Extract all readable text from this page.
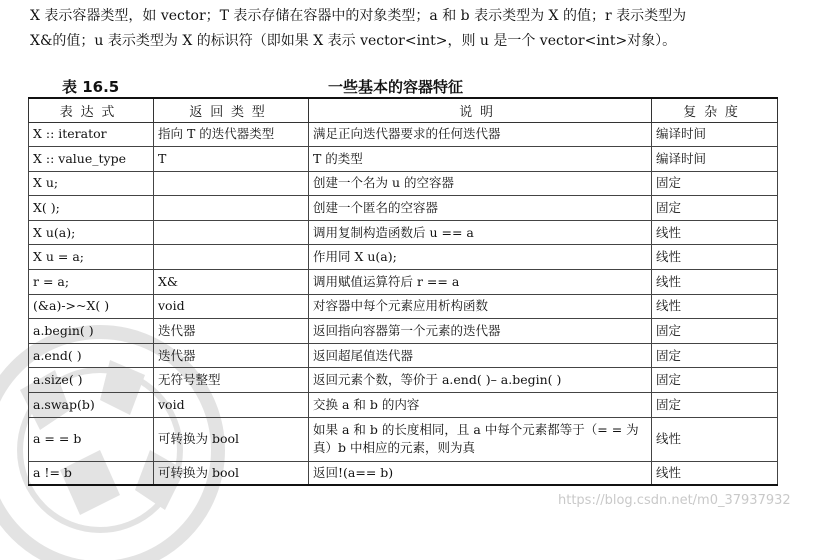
X 表示容器类型，如 vector；T 表示存储在容器中的对象类型；a 和 b 表示类型为 X 的值；r 表示类型为

X&的值；u 表示类型为 X 的标识符（即如果 X 表示 vector<int>，则 u 是一个 vector<int>对象）。

表 16.5	一些基本的容器特征
表达式	返回类型	说明	复杂度
X :: iterator	指向 T 的迭代器类型	满足正向迭代器要求的任何迭代器	编译时间
X :: value_type	T	T 的类型	编译时间
X u;		创建一个名为 u 的空容器	固定
X( );		创建一个匿名的空容器	固定
X u(a);		调用复制构造函数后 u == a	线性
X u = a;		作用同 X u(a);	线性
r = a;	X&	调用赋值运算符后 r == a	线性
(&a)->~X( )	void	对容器中每个元素应用析构函数	线性
a.begin( )	迭代器	返回指向容器第一个元素的迭代器	固定
a.end( )	迭代器	返回超尾值迭代器	固定
a.size( )	无符号整型	返回元素个数，等价于 a.end( )– a.begin( )	固定
a.swap(b)	void	交换 a 和 b 的内容	固定
a = = b	可转换为 bool	如果 a 和 b 的长度相同，且 a 中每个元素都等于（= = 为真）b 中相应的元素，则为真	线性
a != b	可转换为 bool	返回!(a== b)	线性
https://blog.csdn.net/m0_37937932
